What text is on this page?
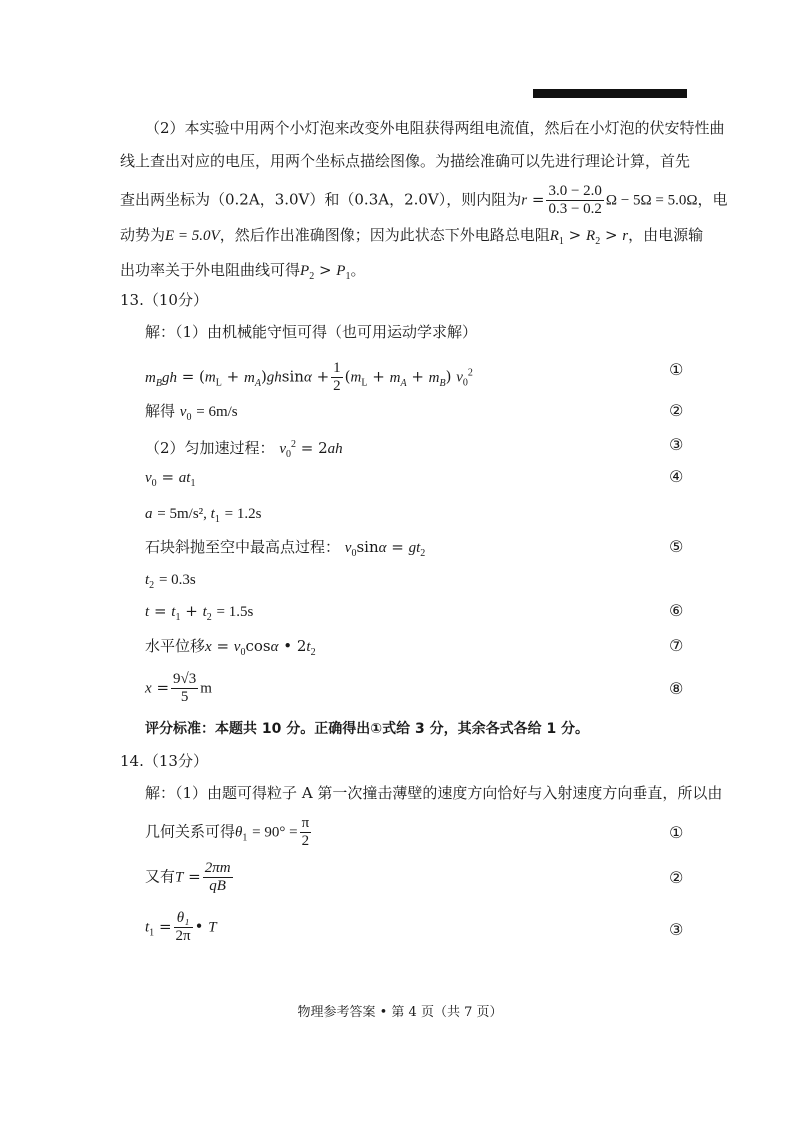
（2）本实验中用两个小灯泡来改变外电阻获得两组电流值，然后在小灯泡的伏安特性曲
线上查出对应的电压，用两个坐标点描绘图像。为描绘准确可以先进行理论计算，首先
查出两坐标为（0.2A，3.0V）和（0.3A，2.0V），则内阻为$r = \frac{3.0 - 2.0}{0.3 - 0.2}$ Ω − 5Ω = 5.0Ω，电
动势为E = 5.0V，然后作出准确图像；因为此状态下外电路总电阻$R_1 > R_2 > r$，由电源输
出功率关于外电阻曲线可得$P_2 > P_1$。
13.（10分）
解：（1）由机械能守恒可得（也可用运动学求解）
$m_Bgh = (m_L + m_A)ghsin\alpha + \frac{1}{2} (m_L + m_A + m_B)$ $v_0^2$	①
解得 $v_0 = 6m/s$	②
（2）匀加速过程： $v_0^2 = 2ah$	③
$v_0 = at_1$	④
a = 5m/s², $t_1 = 1.2s$
石块斜抛至空中最高点过程： $v_0\sin\alpha = gt_2$	⑤
$t_2 = 0.3s$
$t = t_1 + t_2 = 1.5s$	⑥
水平位移$x = v_0\cos\alpha$ • $2t_2$	⑦
$x = \frac{9√3}{5}$ m	⑧
评分标准：本题共 10 分。正确得出①式给 3 分，其余各式各给 1 分。
14.（13分）
解：（1）由题可得粒子 A 第一次撞击薄壁的速度方向恰好与入射速度方向垂直，所以由
几何关系可得$\theta_1 = 90^\circ = \frac{\pi}{2}$	①
又有$T = \frac{2\pi m}{qB}$	②
$t_1 = \frac{\text{θ₁}}{2\pi}$ • T	③
物理参考答案 • 第 4 页（共 7 页）
